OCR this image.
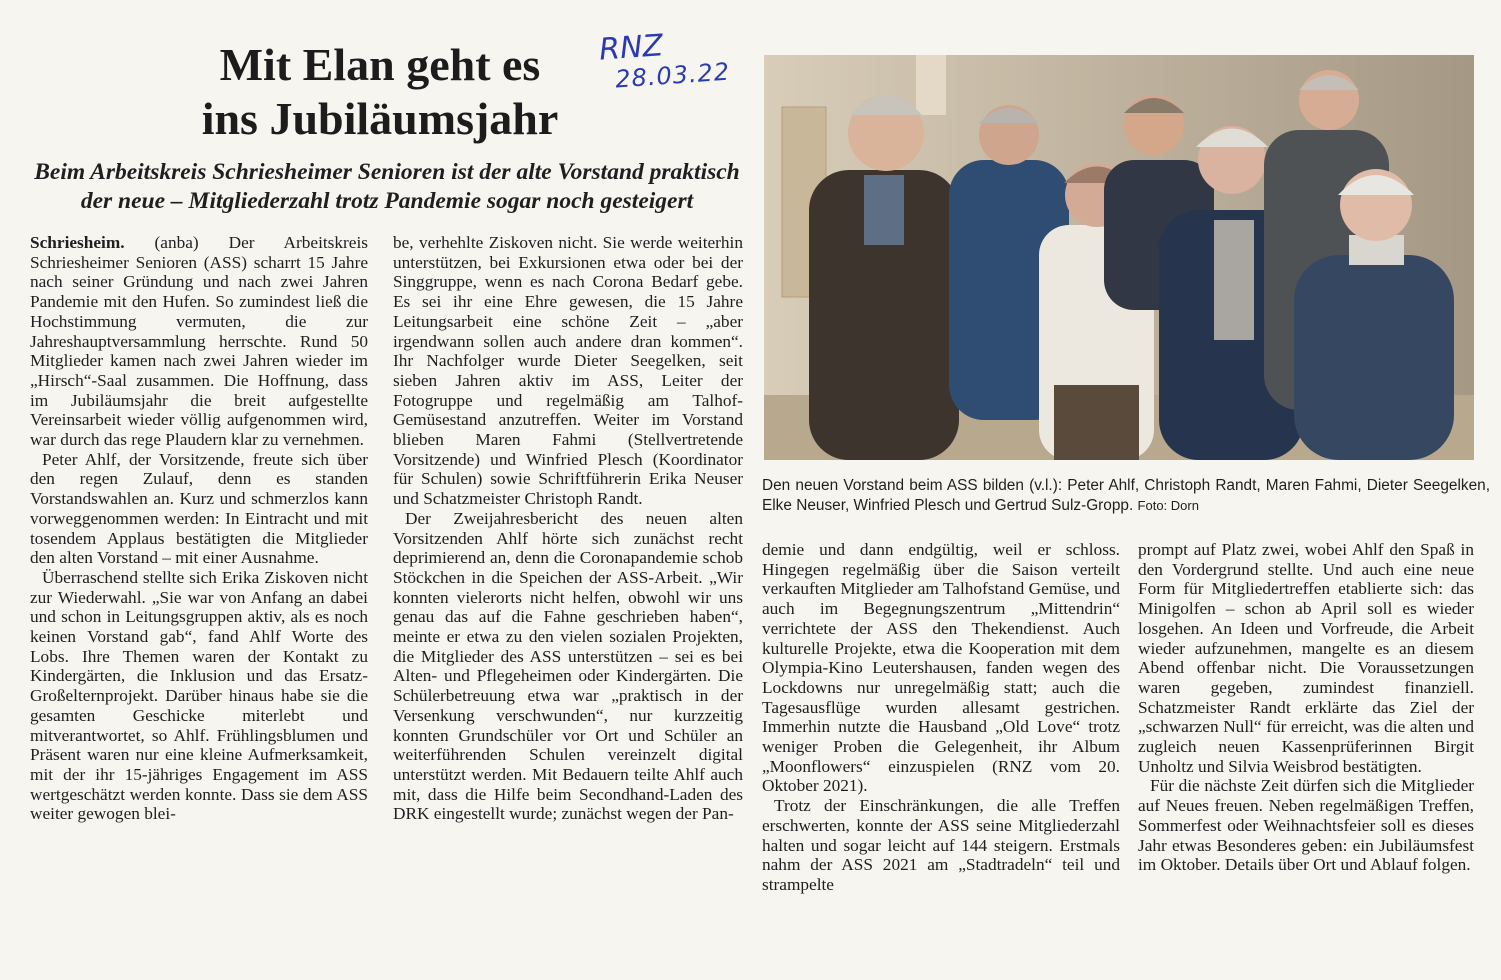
RNZ
28.03.22
Mit Elan geht es
ins Jubiläumsjahr
Beim Arbeitskreis Schriesheimer Senioren ist der alte Vorstand praktisch
der neue – Mitgliederzahl trotz Pandemie sogar noch gesteigert

Schriesheim. (anba) Der Arbeitskreis Schriesheimer Senioren (ASS) scharrt 15 Jahre nach seiner Gründung und nach zwei Jahren Pandemie mit den Hufen. So zumindest ließ die Hochstimmung vermuten, die zur Jahreshauptversammlung herrschte. Rund 50 Mitglieder kamen nach zwei Jahren wieder im „Hirsch“-Saal zusammen. Die Hoffnung, dass im Jubiläumsjahr die breit aufgestellte Vereinsarbeit wieder völlig aufgenommen wird, war durch das rege Plaudern klar zu vernehmen.

Peter Ahlf, der Vorsitzende, freute sich über den regen Zulauf, denn es standen Vorstandswahlen an. Kurz und schmerzlos kann vorweggenommen werden: In Eintracht und mit tosendem Applaus bestätigten die Mitglieder den alten Vorstand – mit einer Ausnahme.

Überraschend stellte sich Erika Ziskoven nicht zur Wiederwahl. „Sie war von Anfang an dabei und schon in Leitungsgruppen aktiv, als es noch keinen Vorstand gab“, fand Ahlf Worte des Lobs. Ihre Themen waren der Kontakt zu Kindergärten, die Inklusion und das Ersatz-Großelternprojekt. Darüber hinaus habe sie die gesamten Geschicke miterlebt und mitverantwortet, so Ahlf. Frühlingsblumen und Präsent waren nur eine kleine Aufmerksamkeit, mit der ihr 15-jähriges Engagement im ASS wertgeschätzt werden konnte. Dass sie dem ASS weiter gewogen blei-

be, verhehlte Ziskoven nicht. Sie werde weiterhin unterstützen, bei Exkursionen etwa oder bei der Singgruppe, wenn es nach Corona Bedarf gebe. Es sei ihr eine Ehre gewesen, die 15 Jahre Leitungsarbeit eine schöne Zeit – „aber irgendwann sollen auch andere dran kommen“. Ihr Nachfolger wurde Dieter Seegelken, seit sieben Jahren aktiv im ASS, Leiter der Fotogruppe und regelmäßig am Talhof-Gemüsestand anzutreffen. Weiter im Vorstand blieben Maren Fahmi (Stellvertretende Vorsitzende) und Winfried Plesch (Koordinator für Schulen) sowie Schriftführerin Erika Neuser und Schatzmeister Christoph Randt.

Der Zweijahresbericht des neuen alten Vorsitzenden Ahlf hörte sich zunächst recht deprimierend an, denn die Coronapandemie schob Stöckchen in die Speichen der ASS-Arbeit. „Wir konnten vielerorts nicht helfen, obwohl wir uns genau das auf die Fahne geschrieben haben“, meinte er etwa zu den vielen sozialen Projekten, die Mitglieder des ASS unterstützen – sei es bei Alten- und Pflegeheimen oder Kindergärten. Die Schülerbetreuung etwa war „praktisch in der Versenkung verschwunden“, nur kurzzeitig konnten Grundschüler vor Ort und Schüler an weiterführenden Schulen vereinzelt digital unterstützt werden. Mit Bedauern teilte Ahlf auch mit, dass die Hilfe beim Secondhand-Laden des DRK eingestellt wurde; zunächst wegen der Pan-

Den neuen Vorstand beim ASS bilden (v.l.): Peter Ahlf, Christoph Randt, Maren Fahmi, Dieter Seegelken, Elke Neuser, Winfried Plesch und Gertrud Sulz-Gropp. Foto: Dorn

demie und dann endgültig, weil er schloss. Hingegen regelmäßig über die Saison verteilt verkauften Mitglieder am Talhofstand Gemüse, und auch im Begegnungszentrum „Mittendrin“ verrichtete der ASS den Thekendienst. Auch kulturelle Projekte, etwa die Kooperation mit dem Olympia-Kino Leutershausen, fanden wegen des Lockdowns nur unregelmäßig statt; auch die Tagesausflüge wurden allesamt gestrichen. Immerhin nutzte die Hausband „Old Love“ trotz weniger Proben die Gelegenheit, ihr Album „Moonflowers“ einzuspielen (RNZ vom 20. Oktober 2021).

Trotz der Einschränkungen, die alle Treffen erschwerten, konnte der ASS seine Mitgliederzahl halten und sogar leicht auf 144 steigern. Erstmals nahm der ASS 2021 am „Stadtradeln“ teil und strampelte

prompt auf Platz zwei, wobei Ahlf den Spaß in den Vordergrund stellte. Und auch eine neue Form für Mitgliedertreffen etablierte sich: das Minigolfen – schon ab April soll es wieder losgehen. An Ideen und Vorfreude, die Arbeit wieder aufzunehmen, mangelte es an diesem Abend offenbar nicht. Die Voraussetzungen waren gegeben, zumindest finanziell. Schatzmeister Randt erklärte das Ziel der „schwarzen Null“ für erreicht, was die alten und zugleich neuen Kassenprüferinnen Birgit Unholtz und Silvia Weisbrod bestätigten.

Für die nächste Zeit dürfen sich die Mitglieder auf Neues freuen. Neben regelmäßigen Treffen, Sommerfest oder Weihnachtsfeier soll es dieses Jahr etwas Besonderes geben: ein Jubiläumsfest im Oktober. Details über Ort und Ablauf folgen.
